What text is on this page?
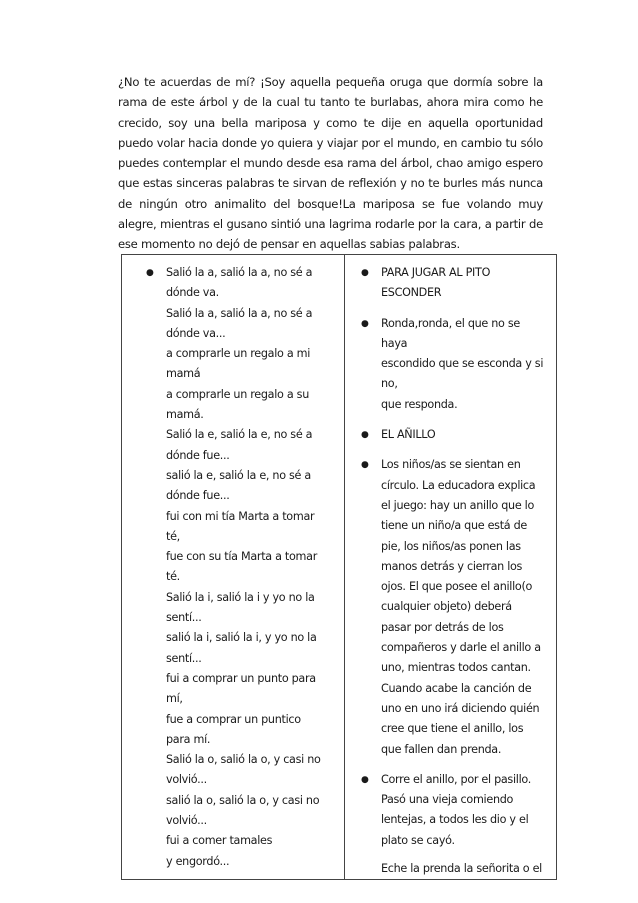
¿No te acuerdas de mí? ¡Soy aquella pequeña oruga que dormía sobre la rama de este árbol y de la cual tu tanto te burlabas, ahora mira como he crecido, soy una bella mariposa y como te dije en aquella oportunidad puedo volar hacia donde yo quiera y viajar por el mundo, en cambio tu sólo puedes contemplar el mundo desde esa rama del árbol, chao amigo espero que estas sinceras palabras te sirvan de reflexión y no te burles más nunca de ningún otro animalito del bosque!La mariposa se fue volando muy alegre, mientras el gusano sintió una lagrima rodarle por la cara, a partir de ese momento no dejó de pensar en aquellas sabias palabras.

● Salió la a, salió la a, no sé a
dónde va.
Salió la a, salió la a, no sé a
dónde va...
a comprarle un regalo a mi
mamá
a comprarle un regalo a su
mamá.
Salió la e, salió la e, no sé a
dónde fue...
salió la e, salió la e, no sé a
dónde fue...
fui con mi tía Marta a tomar
té,
fue con su tía Marta a tomar
té.
Salió la i, salió la i y yo no la
sentí...
salió la i, salió la i, y yo no la
sentí...
fui a comprar un punto para
mí,
fue a comprar un puntico
para mí.
Salió la o, salió la o, y casi no
volvió...
salió la o, salió la o, y casi no
volvió...
fui a comer tamales
y engordó...

● PARA JUGAR AL PITO
ESCONDER
● Ronda,ronda, el que no se haya
escondido que se esconda y si
no,
que responda.
● EL AÑILLO
● Los niños/as se sientan en
círculo. La educadora explica
el juego: hay un anillo que lo
tiene un niño/a que está de
pie, los niños/as ponen las
manos detrás y cierran los
ojos. El que posee el anillo(o
cualquier objeto) deberá
pasar por detrás de los
compañeros y darle el anillo a
uno, mientras todos cantan.
Cuando acabe la canción de
uno en uno irá diciendo quién
cree que tiene el anillo, los
que fallen dan prenda.
● Corre el anillo, por el pasillo.
Pasó una vieja comiendo
lentejas, a todos les dio y el
plato se cayó.
Eche la prenda la señorita o el
